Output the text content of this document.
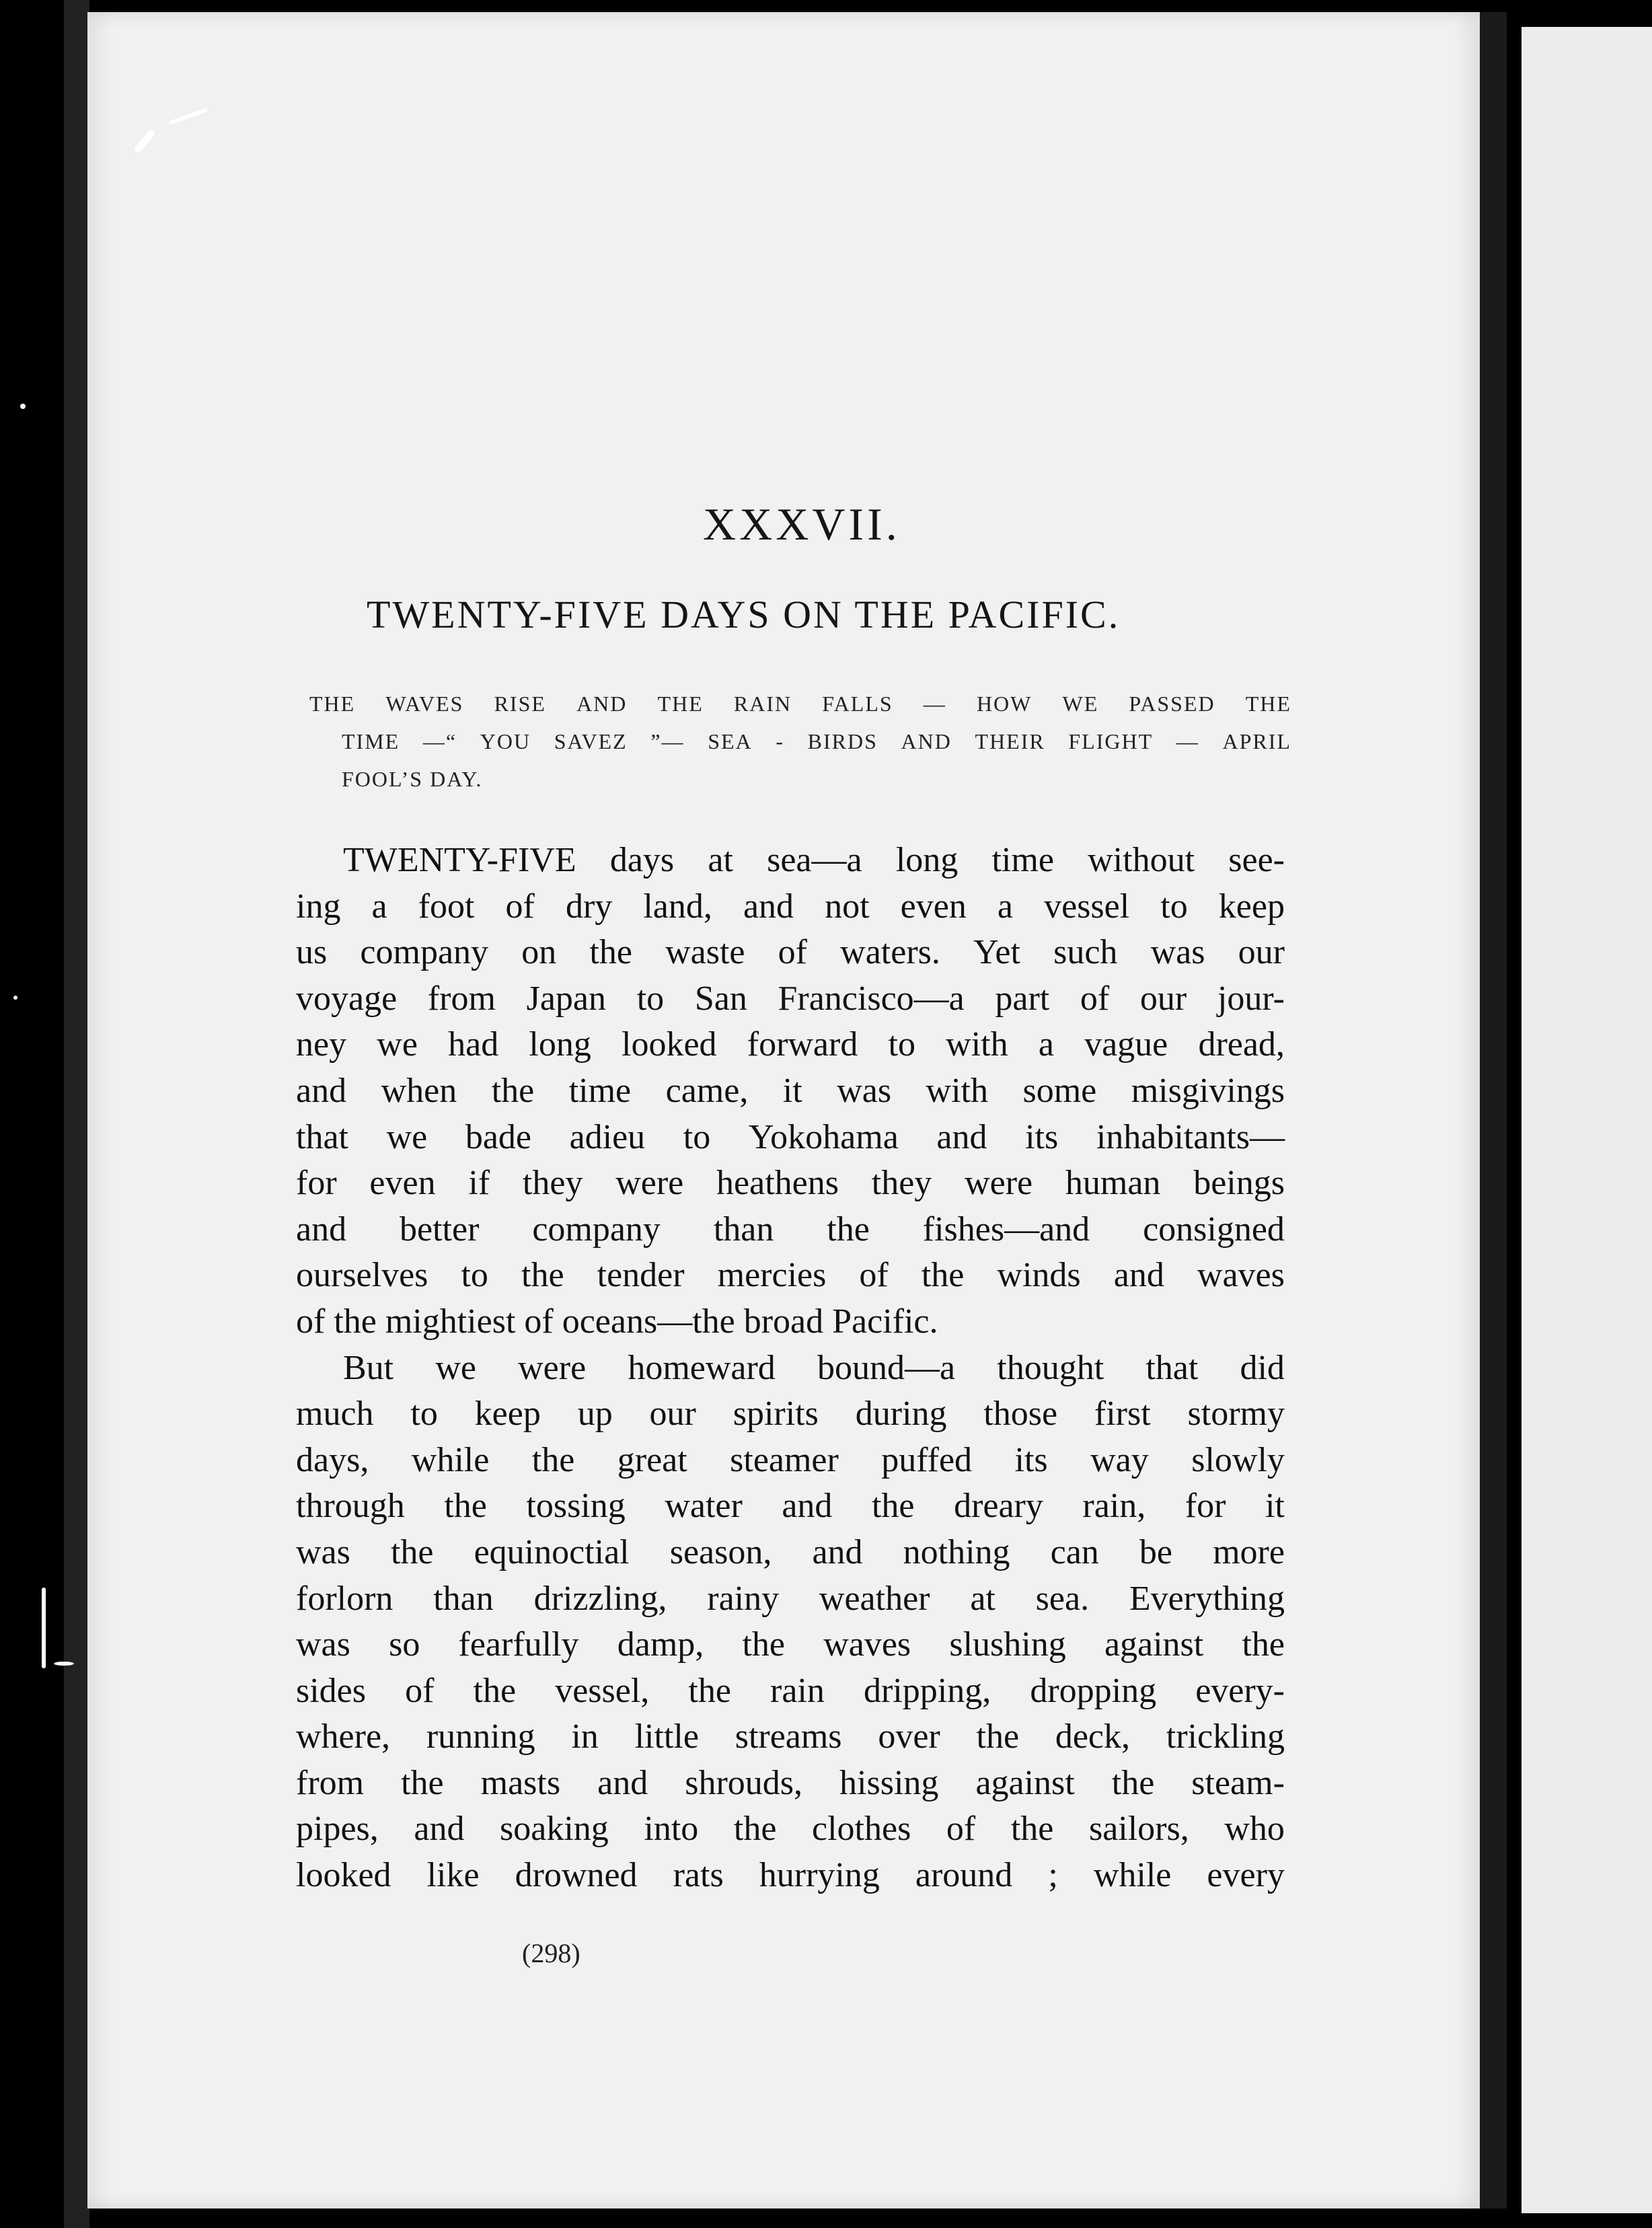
XXXVII.
TWENTY-FIVE DAYS ON THE PACIFIC.
THE WAVES RISE AND THE RAIN FALLS — HOW WE PASSED THE
TIME —“ YOU SAVEZ ”— SEA - BIRDS AND THEIR FLIGHT — APRIL
FOOL’S DAY.
TWENTY-FIVE days at sea—a long time without see-
ing a foot of dry land, and not even a vessel to keep
us company on the waste of waters. Yet such was our
voyage from Japan to San Francisco—a part of our jour-
ney we had long looked forward to with a vague dread,
and when the time came, it was with some misgivings
that we bade adieu to Yokohama and its inhabitants—
for even if they were heathens they were human beings
and better company than the fishes—and consigned
ourselves to the tender mercies of the winds and waves
of the mightiest of oceans—the broad Pacific.
But we were homeward bound—a thought that did
much to keep up our spirits during those first stormy
days, while the great steamer puffed its way slowly
through the tossing water and the dreary rain, for it
was the equinoctial season, and nothing can be more
forlorn than drizzling, rainy weather at sea. Everything
was so fearfully damp, the waves slushing against the
sides of the vessel, the rain dripping, dropping every-
where, running in little streams over the deck, trickling
from the masts and shrouds, hissing against the steam-
pipes, and soaking into the clothes of the sailors, who
looked like drowned rats hurrying around ; while every
(298)
